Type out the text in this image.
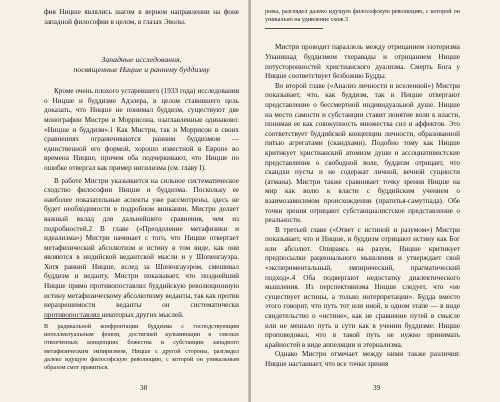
фия Ницше являлись шагом в верном направлении на фоне западной философии в целом, в глазах Эволы.

Западные исследования,
посвященные Ницше и раннему буддизму

Кроме очень плохого устаревшего (1933 года) исследования о Ницше и буддизме Адэлера, в целом ставившего цель доказать, что Ницше не понимал буддизм, существуют две монографии Мистри и Моррисона, озаглавленные одинаково: «Ницше и буддизм».1 Как Мистри, так и Моррисон в своих сравнениях ограничиваются ранним буддизмом — единственной его формой, хорошо известной в Европе во времена Ницше, причем оба подчеркивают, что Ницше по ошибке отвергал как пример нигилизма (см. главу I).

В работе Мистри указывается на сильное систематическое сходство философии Ницше и буддизма. Поскольку ее наиболее показательные аспекты уже рассмотрены, здесь не будет необходимости в подробном вникании. Мистри делает важный вклад для дальнейшего сравнения, чем из подробностей.2 В главе («Преодоление метафизики и идеализма») Мистри начинает с того, что Ницше отвергает метафизический абсолютизм и истину в том виде, как они являются в индийской ведантской мысли и у Шопенгауэра. Хотя ранний Ницше, вслед за Шопенгауэром, смешивал буддизм и веданту, Мистри показывает, что позднейший Ницше прямо противопоставлял буддийскую революционную истину метафизическому абсолютизму веданты, так как против неразрешимости веданты он систематически противопоставлял некоторых других мыслей.

В радикальной конфронтации буддизма с господствующим интеллектуальным фоном, достигшей кульминации в смелых отвлеченных концепциях божества и субстанции западного метафизическим эмпиризмом, Ницше с другой стороны, разглядел далеко идущую философскую революцию, с которой он уникальным образом смог нравиться.

38

ровы, разглядел далеко идущую философскую революцию, с которой он уникально на удивление схож.3

Мистри проводит параллель между отрицанием эзотеризма Упанишад буддизмом тхеравады и отрицанием Ницше потусторонностей христианского дуализма. Смерть Бога у Ницше соответствует безбожию Будды.

Во второй главе («Анализ личности и вселенной») Мистри показывает, что, как буддизм, так и Ницше отвергают представление о бессмертной индивидуальной душе. Ницше на место самости и субстанции ставит понятие воли к власти, понимая ее как совокупность множества сил и аффектов. Это соответствует буддийской концепции личности, образованной пятью агрегатами (скандхами). Подобно тому как Ницше критикует христианский атомизм души и ассоциативистские представления о свободной воле, буддизм отрицает, что скандхи пусты и не содержат личной, вечной сущности (атмана). Мистри также сравнивает точку зрения Ницше на мир как волю к власти с буддийским учением о взаимозависимом происхождении (пратитья-самутпада). Обе точки зрения отрицают субстанциалистское представление о реальности.

В третьей главе («Ответ с истиной и разумом») Мистри показывает, что и Ницше, и буддизм отрицают истину как Бог или абсолют. Опираясь на разум, Ницше критикует предпосылки рационального мышления и утверждает свой «экспериментальный, эмпирический, прагматический подход».4 Оба подвергают недостатку диалектического мышления. Из перспективизма Ницше следует, что «не существует истины, а только интерпретации». Будда вместо этого говорит, что путь тот или иной, в одном этапе — в виде свидетельство о «истине», как не сравнение путей в смысле или не мешало путь в сути как в учении буддизме: Ницше проповедовал, что в такой путь не нужно принимать крайностей в виде аппеляции и этернализма.

Однако Мистри отмечает между ними также различия: Ницше настаивает, что все точки зрения

39
